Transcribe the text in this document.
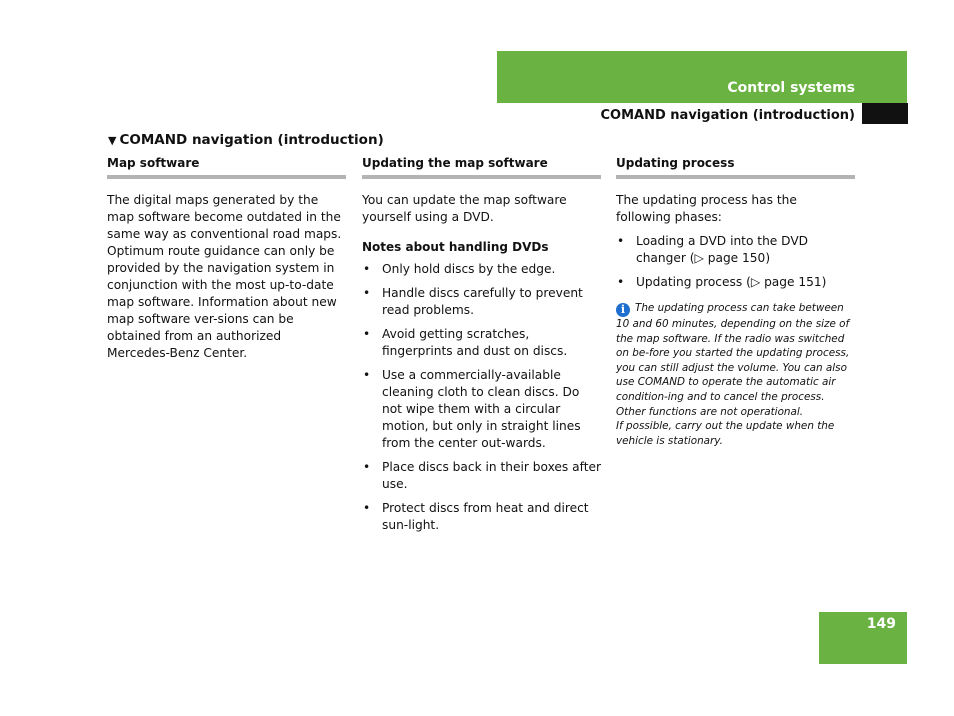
Control systems
COMAND navigation (introduction)
▼ COMAND navigation (introduction)
Map software

The digital maps generated by the map software become outdated in the same way as conventional road maps. Optimum route guidance can only be provided by the navigation system in conjunction with the most up-to-date map software. Information about new map software ver-sions can be obtained from an authorized Mercedes-Benz Center.

Updating the map software

You can update the map software yourself using a DVD.

Notes about handling DVDs
• Only hold discs by the edge.
• Handle discs carefully to prevent read problems.
• Avoid getting scratches, fingerprints and dust on discs.
• Use a commercially-available cleaning cloth to clean discs. Do not wipe them with a circular motion, but only in straight lines from the center out-wards.
• Place discs back in their boxes after use.
• Protect discs from heat and direct sun-light.
Updating process

The updating process has the following phases:

• Loading a DVD into the DVD changer (▷ page 150)
• Updating process (▷ page 151)
i The updating process can take between 10 and 60 minutes, depending on the size of the map software. If the radio was switched on be-fore you started the updating process, you can still adjust the volume. You can also use COMAND to operate the automatic air condition-ing and to cancel the process. Other functions are not operational.
If possible, carry out the update when the vehicle is stationary.
149
